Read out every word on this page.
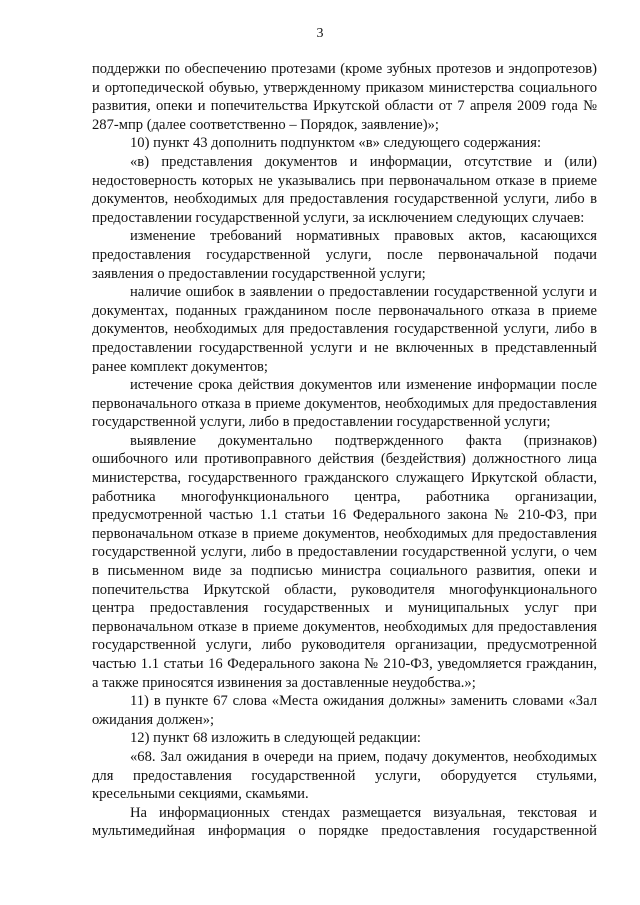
3

поддержки по обеспечению протезами (кроме зубных протезов и эндопротезов) и ортопедической обувью, утвержденному приказом министерства социального развития, опеки и попечительства Иркутской области от 7 апреля 2009 года № 287-мпр (далее соответственно – Порядок, заявление)»;

10) пункт 43 дополнить подпунктом «в» следующего содержания:

«в) представления документов и информации, отсутствие и (или) недостоверность которых не указывались при первоначальном отказе в приеме документов, необходимых для предоставления государственной услуги, либо в предоставлении государственной услуги, за исключением следующих случаев:

изменение требований нормативных правовых актов, касающихся предоставления государственной услуги, после первоначальной подачи заявления о предоставлении государственной услуги;

наличие ошибок в заявлении о предоставлении государственной услуги и документах, поданных гражданином после первоначального отказа в приеме документов, необходимых для предоставления государственной услуги, либо в предоставлении государственной услуги и не включенных в представленный ранее комплект документов;

истечение срока действия документов или изменение информации после первоначального отказа в приеме документов, необходимых для предоставления государственной услуги, либо в предоставлении государственной услуги;

выявление документально подтвержденного факта (признаков) ошибочного или противоправного действия (бездействия) должностного лица министерства, государственного гражданского служащего Иркутской области, работника многофункционального центра, работника организации, предусмотренной частью 1.1 статьи 16 Федерального закона № 210-ФЗ, при первоначальном отказе в приеме документов, необходимых для предоставления государственной услуги, либо в предоставлении государственной услуги, о чем в письменном виде за подписью министра социального развития, опеки и попечительства Иркутской области, руководителя многофункционального центра предоставления государственных и муниципальных услуг при первоначальном отказе в приеме документов, необходимых для предоставления государственной услуги, либо руководителя организации, предусмотренной частью 1.1 статьи 16 Федерального закона № 210-ФЗ, уведомляется гражданин, а также приносятся извинения за доставленные неудобства.»;

11) в пункте 67 слова «Места ожидания должны» заменить словами «Зал ожидания должен»;

12) пункт 68 изложить в следующей редакции:

«68. Зал ожидания в очереди на прием, подачу документов, необходимых для предоставления государственной услуги, оборудуется стульями, кресельными секциями, скамьями.

На информационных стендах размещается визуальная, текстовая и мультимедийная информация о порядке предоставления государственной
